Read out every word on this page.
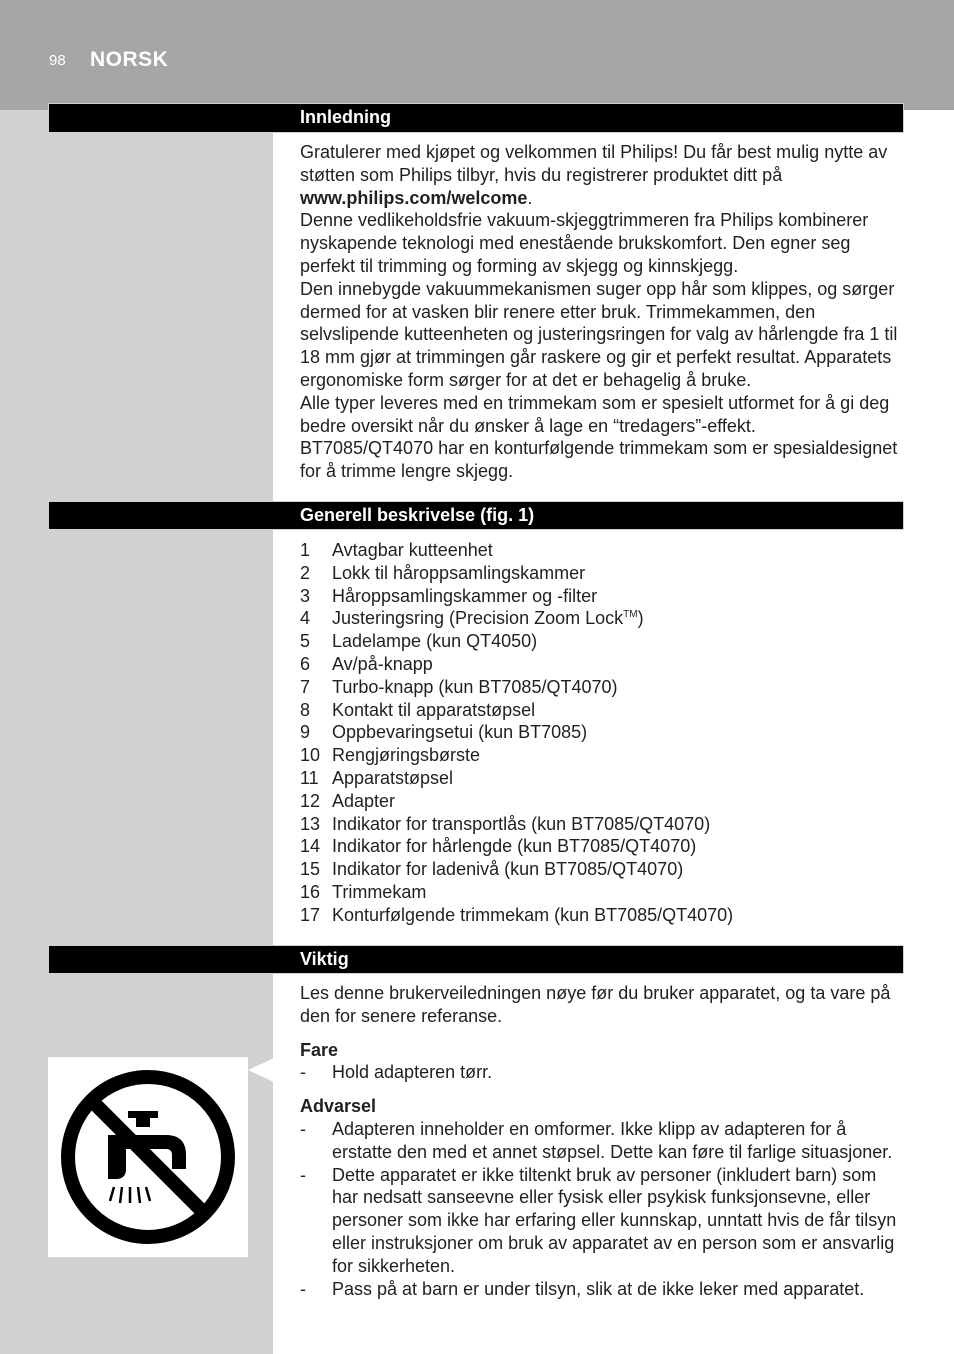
98 NORSK
Innledning

Gratulerer med kjøpet og velkommen til Philips! Du får best mulig nytte av støtten som Philips tilbyr, hvis du registrerer produktet ditt på www.philips.com/welcome.

Denne vedlikeholdsfrie vakuum-skjeggtrimmeren fra Philips kombinerer nyskapende teknologi med enestående brukskomfort. Den egner seg perfekt til trimming og forming av skjegg og kinnskjegg.

Den innebygde vakuummekanismen suger opp hår som klippes, og sørger dermed for at vasken blir renere etter bruk. Trimmekammen, den selvslipende kutteenheten og justeringsringen for valg av hårlengde fra 1 til 18 mm gjør at trimmingen går raskere og gir et perfekt resultat. Apparatets ergonomiske form sørger for at det er behagelig å bruke.

Alle typer leveres med en trimmekam som er spesielt utformet for å gi deg bedre oversikt når du ønsker å lage en “tredagers”-effekt.

BT7085/QT4070 har en konturfølgende trimmekam som er spesialdesignet for å trimme lengre skjegg.

Generell beskrivelse (fig. 1)
1	Avtagbar kutteenhet
2	Lokk til håroppsamlingskammer
3	Håroppsamlingskammer og -filter
4	Justeringsring (Precision Zoom Lock™)
5	Ladelampe (kun QT4050)
6	Av/på-knapp
7	Turbo-knapp (kun BT7085/QT4070)
8	Kontakt til apparatstøpsel
9	Oppbevaringsetui (kun BT7085)
10 Rengjøringsbørste
11 Apparatstøpsel
12 Adapter
13 Indikator for transportlås (kun BT7085/QT4070)
14 Indikator for hårlengde (kun BT7085/QT4070)
15 Indikator for ladenivå (kun BT7085/QT4070)
16 Trimmekam
17 Konturfølgende trimmekam (kun BT7085/QT4070)
Viktig

Les denne brukerveiledningen nøye før du bruker apparatet, og ta vare på den for senere referanse.

Fare

-	Hold adapteren tørr.

Advarsel

-	Adapteren inneholder en omformer. Ikke klipp av adapteren for å erstatte den med et annet støpsel. Dette kan føre til farlige situasjoner.
-	Dette apparatet er ikke tiltenkt bruk av personer (inkludert barn) som har nedsatt sanseevne eller fysisk eller psykisk funksjonsevne, eller personer som ikke har erfaring eller kunnskap, unntatt hvis de får tilsyn eller instruksjoner om bruk av apparatet av en person som er ansvarlig for sikkerheten.
-	Pass på at barn er under tilsyn, slik at de ikke leker med apparatet.
